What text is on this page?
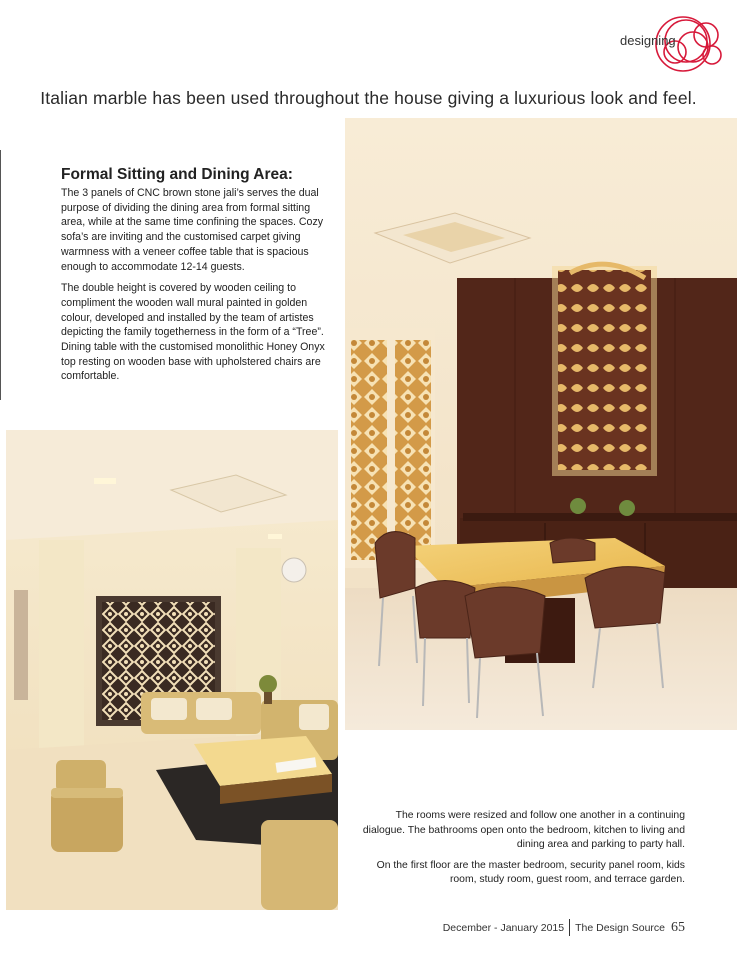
designing
Italian marble has been used throughout the house giving a luxurious look and feel.
Formal Sitting and Dining Area:

The 3 panels of CNC brown stone jali’s serves the dual purpose of dividing the dining area from formal sitting area, while at the same time confining the spaces. Cozy sofa’s are inviting and the customised carpet giving warmness with a veneer coffee table that is spacious enough to accommodate 12-14 guests.

The double height is covered by wooden ceiling to compliment the wooden wall mural painted in golden colour, developed and installed by the team of artistes depicting the family togetherness in the form of a “Tree”. Dining table with the customised monolithic Honey Onyx top resting on wooden base with upholstered chairs are comfortable.

The rooms were resized and follow one another in a continuing dialogue. The bathrooms open onto the bedroom, kitchen to living and dining area and parking to party hall.

On the first floor are the master bedroom, security panel room, kids room, study room, guest room, and terrace garden.

December - January 2015 The Design Source 65
